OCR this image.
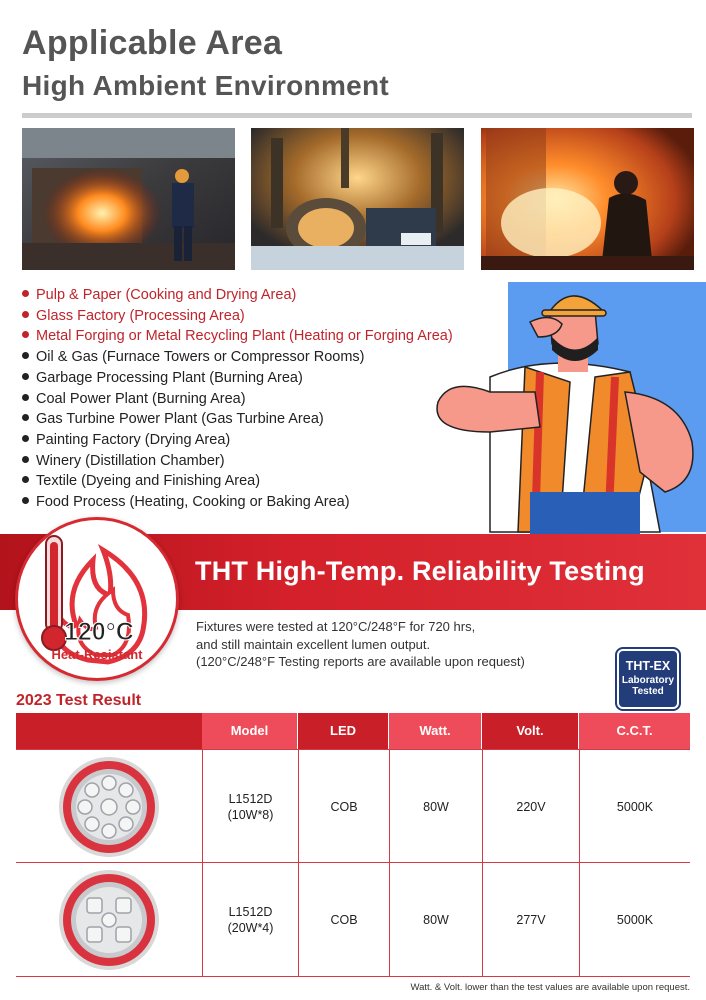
Applicable Area
High Ambient Environment
Pulp & Paper (Cooking and Drying Area)
Glass Factory (Processing Area)
Metal Forging or Metal Recycling Plant (Heating or Forging Area)
Oil & Gas (Furnace Towers or Compressor Rooms)
Garbage Processing Plant (Burning Area)
Coal Power Plant (Burning Area)
Gas Turbine Power Plant (Gas Turbine Area)
Painting Factory (Drying Area)
Winery (Distillation Chamber)
Textile (Dyeing and Finishing Area)
Food Process (Heating, Cooking or Baking Area)
THT High-Temp. Reliability Testing
120°C
Heat-Resistant

Fixtures were tested at 120°C/248°F for 720 hrs,

and still maintain excellent lumen output.

(120°C/248°F Testing reports are available upon request)	THT-EX
Laboratory
Tested
2023 Test Result
Model	LED	Watt.	Volt.	C.C.T.
L1512D
(10W*8)
COB	80W	220V	5000K
L1512D
(20W*4)
COB	80W	277V	5000K
Watt. & Volt. lower than the test values are available upon request.
